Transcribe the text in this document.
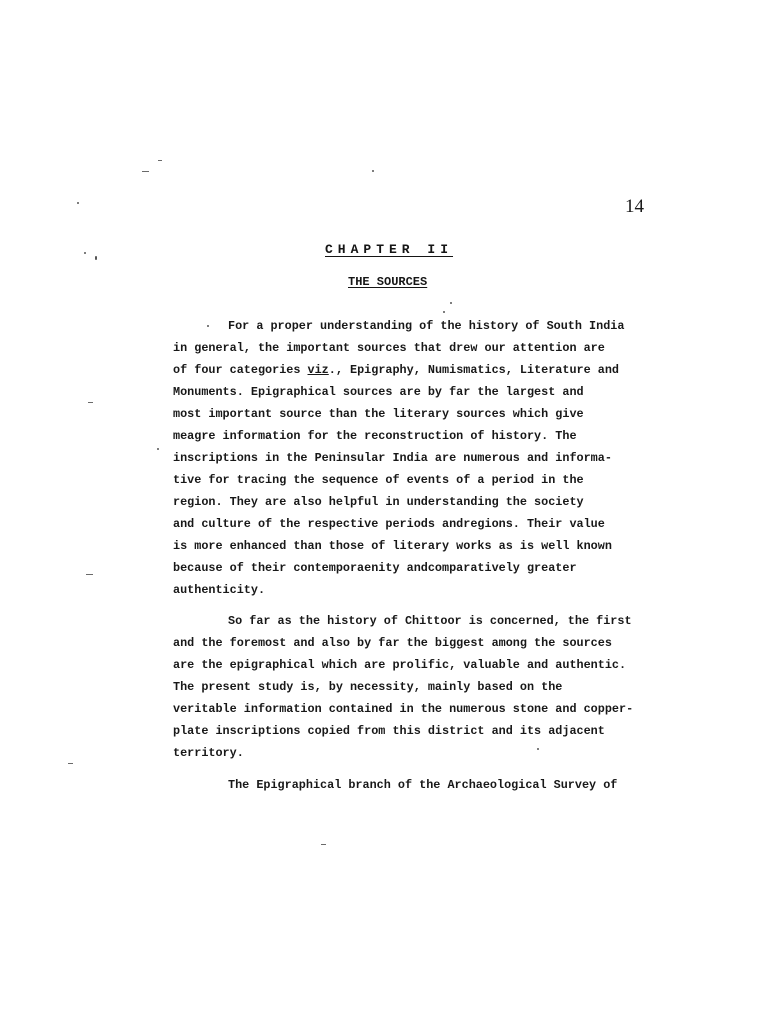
14
CHAPTER II
THE SOURCES
For a proper understanding of the history of South India
in general, the important sources that drew our attention are
of four categories viz., Epigraphy, Numismatics, Literature and
Monuments. Epigraphical sources are by far the largest and
most important source than the literary sources which give
meagre information for the reconstruction of history. The
inscriptions in the Peninsular India are numerous and informa-
tive for tracing the sequence of events of a period in the
region. They are also helpful in understanding the society
and culture of the respective periods andregions. Their value
is more enhanced than those of literary works as is well known
because of their contemporaenity andcomparatively greater
authenticity.
So far as the history of Chittoor is concerned, the first
and the foremost and also by far the biggest among the sources
are the epigraphical which are prolific, valuable and authentic.
The present study is, by necessity, mainly based on the
veritable information contained in the numerous stone and copper-
plate inscriptions copied from this district and its adjacent
territory.
The Epigraphical branch of the Archaeological Survey of
